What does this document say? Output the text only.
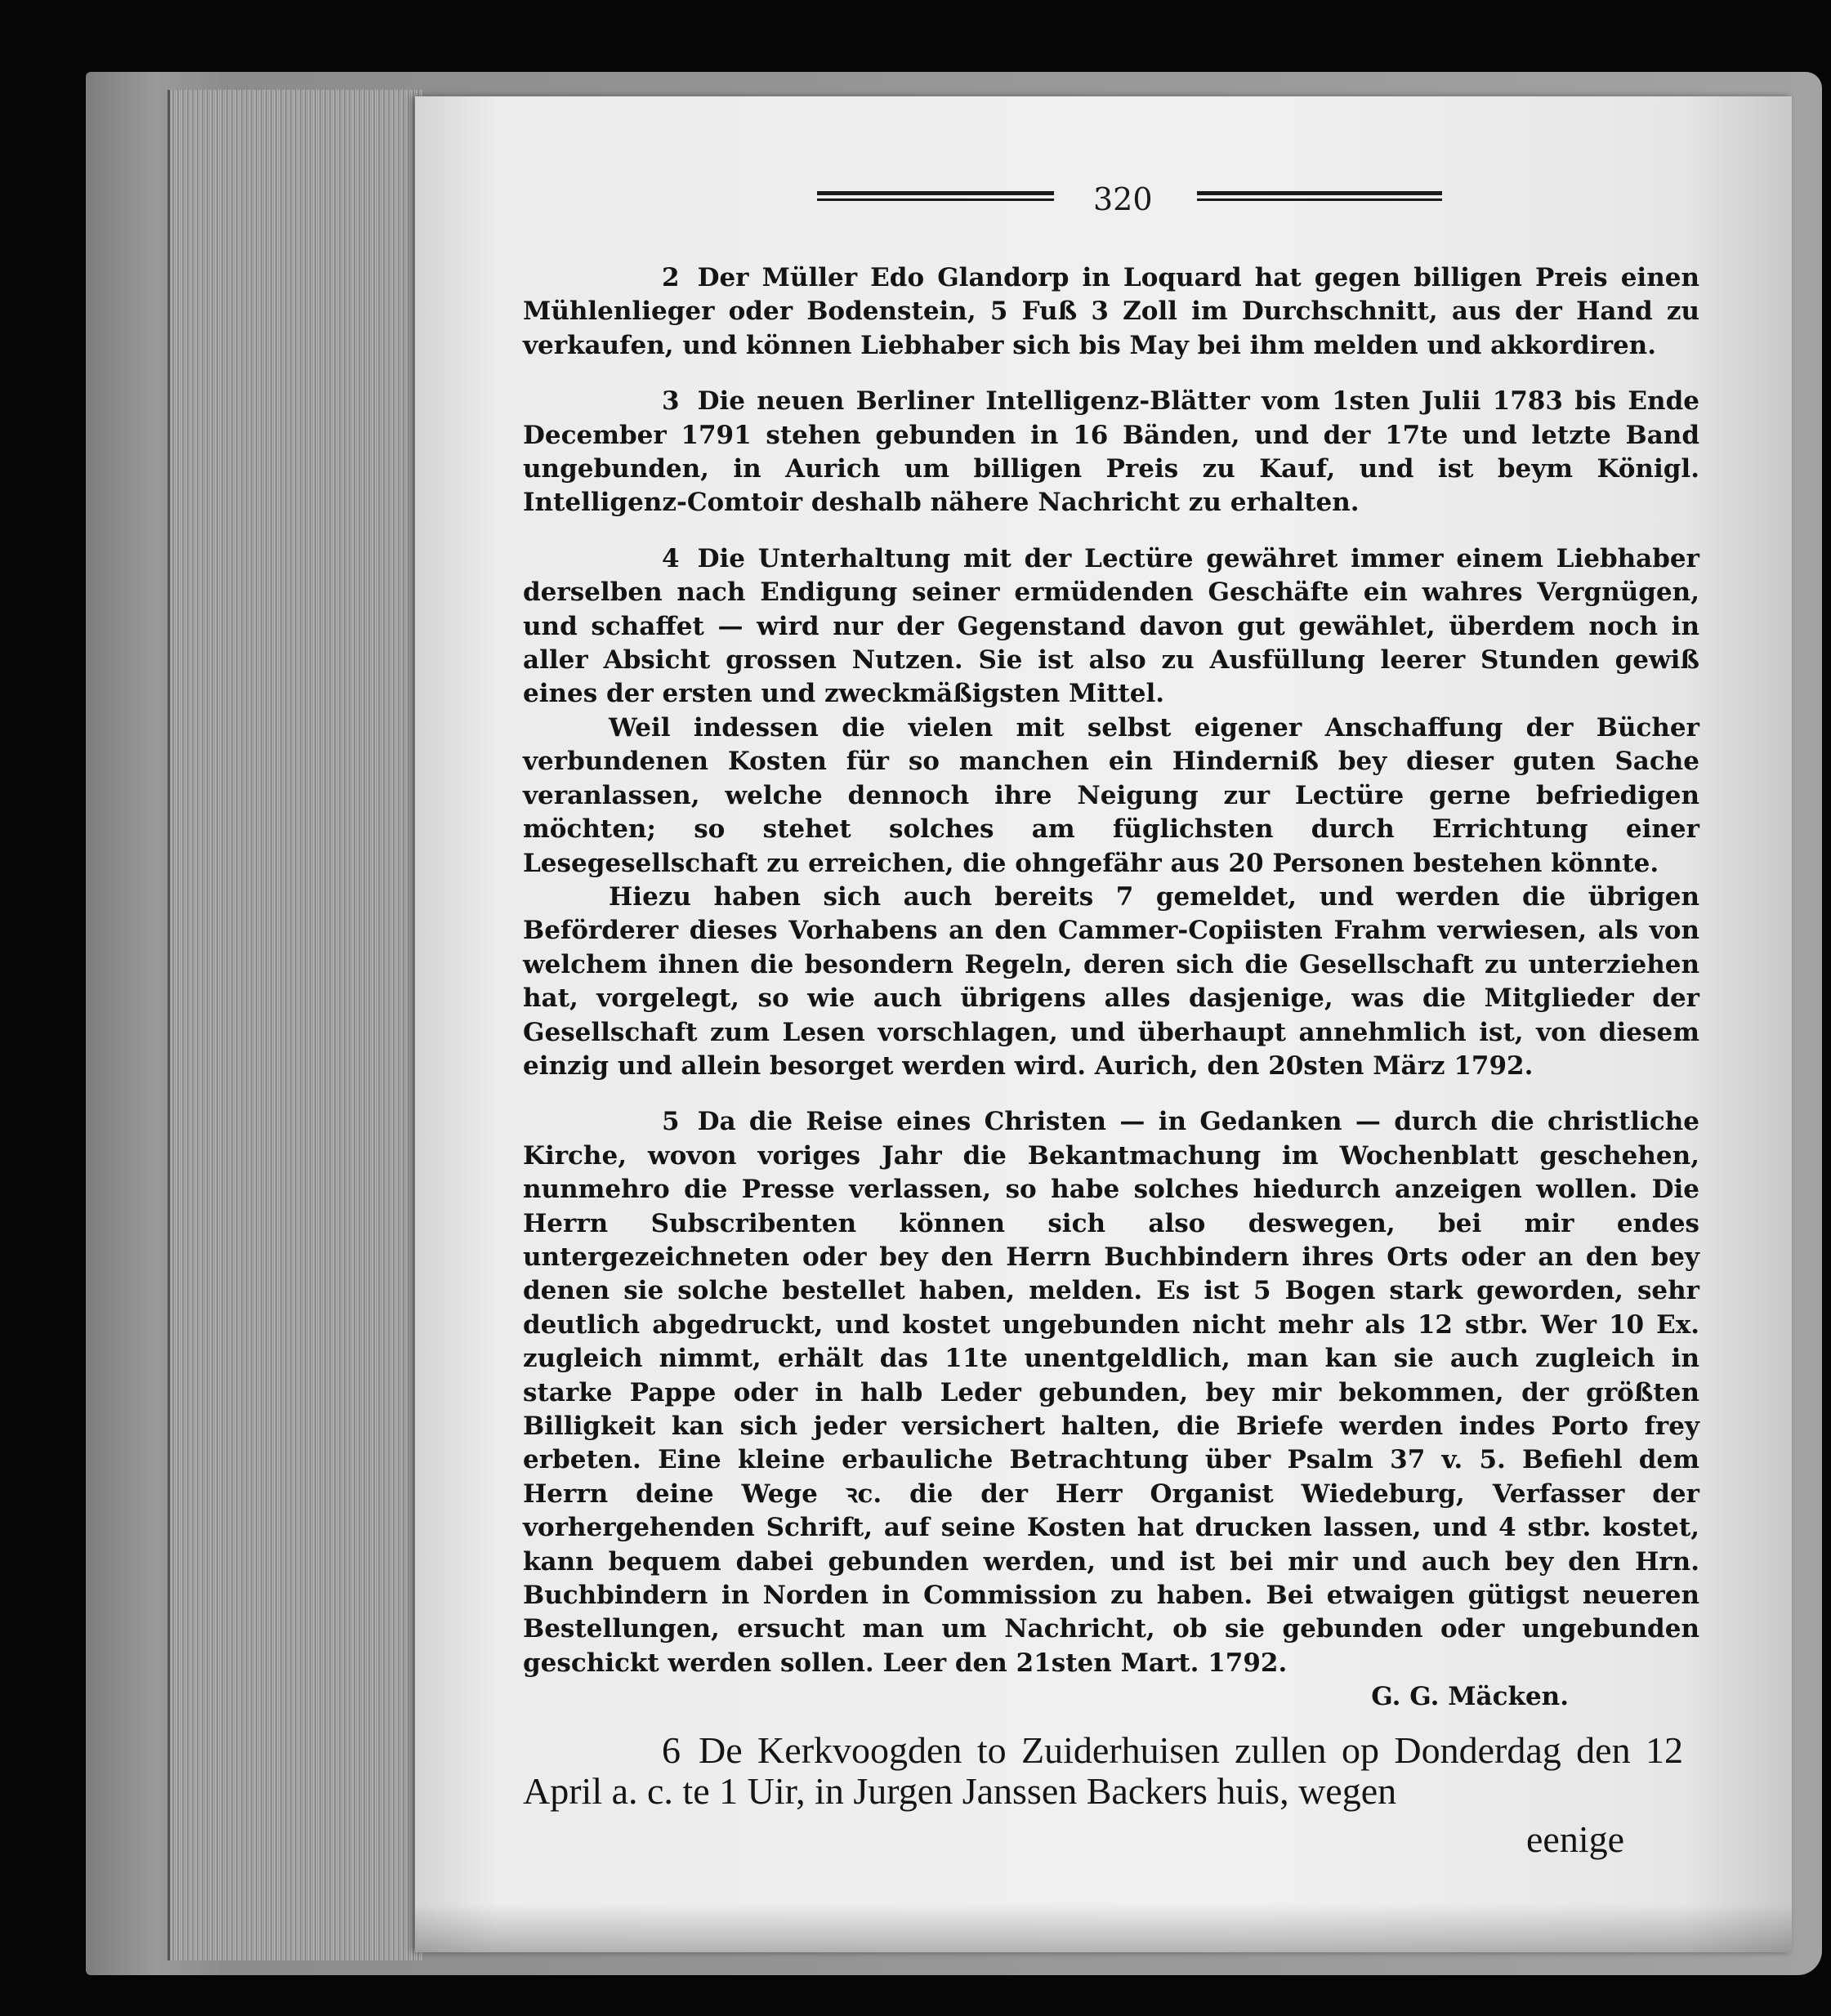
320

2 Der Müller Edo Glandorp in Loquard hat gegen billigen Preis einen Mühlenlieger oder Bodenstein, 5 Fuß 3 Zoll im Durchschnitt, aus der Hand zu verkaufen, und können Liebhaber sich bis May bei ihm melden und akkordiren.

3 Die neuen Berliner Intelligenz-Blätter vom 1sten Julii 1783 bis Ende December 1791 stehen gebunden in 16 Bänden, und der 17te und letzte Band ungebunden, in Aurich um billigen Preis zu Kauf, und ist beym Königl. Intelligenz-Comtoir deshalb nähere Nachricht zu erhalten.

4 Die Unterhaltung mit der Lectüre gewähret immer einem Liebhaber derselben nach Endigung seiner ermüdenden Geschäfte ein wahres Vergnügen, und schaffet — wird nur der Gegenstand davon gut gewählet, überdem noch in aller Absicht grossen Nutzen. Sie ist also zu Ausfüllung leerer Stunden gewiß eines der ersten und zweckmäßigsten Mittel.

Weil indessen die vielen mit selbst eigener Anschaffung der Bücher verbundenen Kosten für so manchen ein Hinderniß bey dieser guten Sache veranlassen, welche dennoch ihre Neigung zur Lectüre gerne befriedigen möchten; so stehet solches am füglichsten durch Errichtung einer Lesegesellschaft zu erreichen, die ohngefähr aus 20 Personen bestehen könnte.

Hiezu haben sich auch bereits 7 gemeldet, und werden die übrigen Beförderer dieses Vorhabens an den Cammer-Copiisten Frahm verwiesen, als von welchem ihnen die besondern Regeln, deren sich die Gesellschaft zu unterziehen hat, vorgelegt, so wie auch übrigens alles dasjenige, was die Mitglieder der Gesellschaft zum Lesen vorschlagen, und überhaupt annehmlich ist, von diesem einzig und allein besorget werden wird. Aurich, den 20sten März 1792.

5 Da die Reise eines Christen — in Gedanken — durch die christliche Kirche, wovon voriges Jahr die Bekantmachung im Wochenblatt geschehen, nunmehro die Presse verlassen, so habe solches hiedurch anzeigen wollen. Die Herrn Subscribenten können sich also deswegen, bei mir endes untergezeichneten oder bey den Herrn Buchbindern ihres Orts oder an den bey denen sie solche bestellet haben, melden. Es ist 5 Bogen stark geworden, sehr deutlich abgedruckt, und kostet ungebunden nicht mehr als 12 stbr. Wer 10 Ex. zugleich nimmt, erhält das 11te unentgeldlich, man kan sie auch zugleich in starke Pappe oder in halb Leder gebunden, bey mir bekommen, der größten Billigkeit kan sich jeder versichert halten, die Briefe werden indes Porto frey erbeten. Eine kleine erbauliche Betrachtung über Psalm 37 v. 5. Befiehl dem Herrn deine Wege ꝛc. die der Herr Organist Wiedeburg, Verfasser der vorhergehenden Schrift, auf seine Kosten hat drucken lassen, und 4 stbr. kostet, kann bequem dabei gebunden werden, und ist bei mir und auch bey den Hrn. Buchbindern in Norden in Commission zu haben. Bei etwaigen gütigst neueren Bestellungen, ersucht man um Nachricht, ob sie gebunden oder ungebunden geschickt werden sollen. Leer den 21sten Mart. 1792.

G. G. Mäcken.

6 De Kerkvoogden to Zuiderhuisen zullen op Donderdag den 12 April a. c. te 1 Uir, in Jurgen Janssen Backers huis, wegen

eenige
